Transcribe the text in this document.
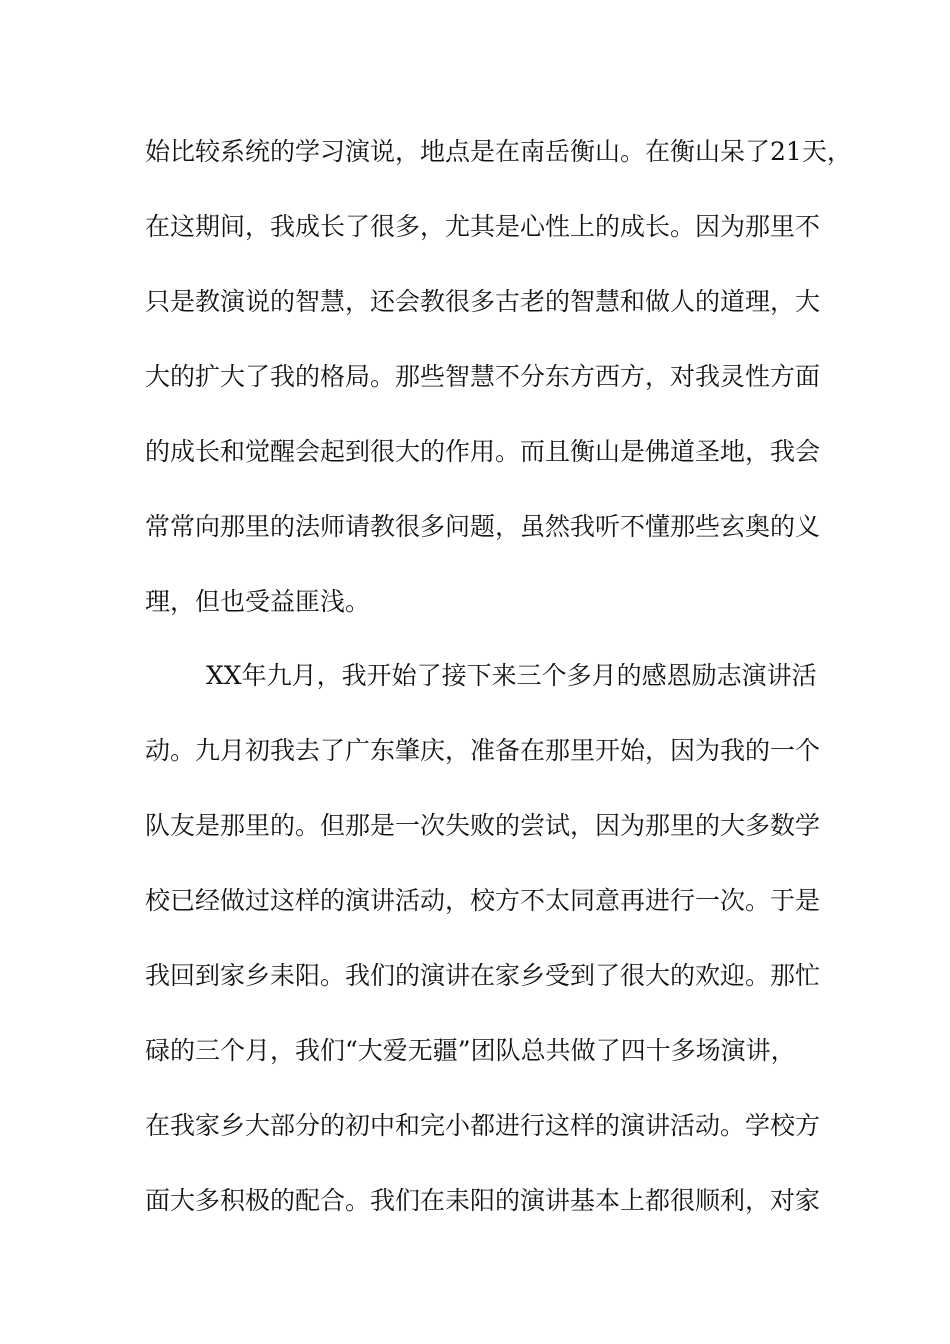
始比较系统的学习演说，地点是在南岳衡山。在衡山呆了21天，
在这期间，我成长了很多，尤其是心性上的成长。因为那里不
只是教演说的智慧，还会教很多古老的智慧和做人的道理，大
大的扩大了我的格局。那些智慧不分东方西方，对我灵性方面
的成长和觉醒会起到很大的作用。而且衡山是佛道圣地，我会
常常向那里的法师请教很多问题，虽然我听不懂那些玄奥的义
理，但也受益匪浅。
XX年九月，我开始了接下来三个多月的感恩励志演讲活
动。九月初我去了广东肇庆，准备在那里开始，因为我的一个
队友是那里的。但那是一次失败的尝试，因为那里的大多数学
校已经做过这样的演讲活动，校方不太同意再进行一次。于是
我回到家乡耒阳。我们的演讲在家乡受到了很大的欢迎。那忙
碌的三个月，我们“大爱无疆”团队总共做了四十多场演讲，
在我家乡大部分的初中和完小都进行这样的演讲活动。学校方
面大多积极的配合。我们在耒阳的演讲基本上都很顺利，对家
